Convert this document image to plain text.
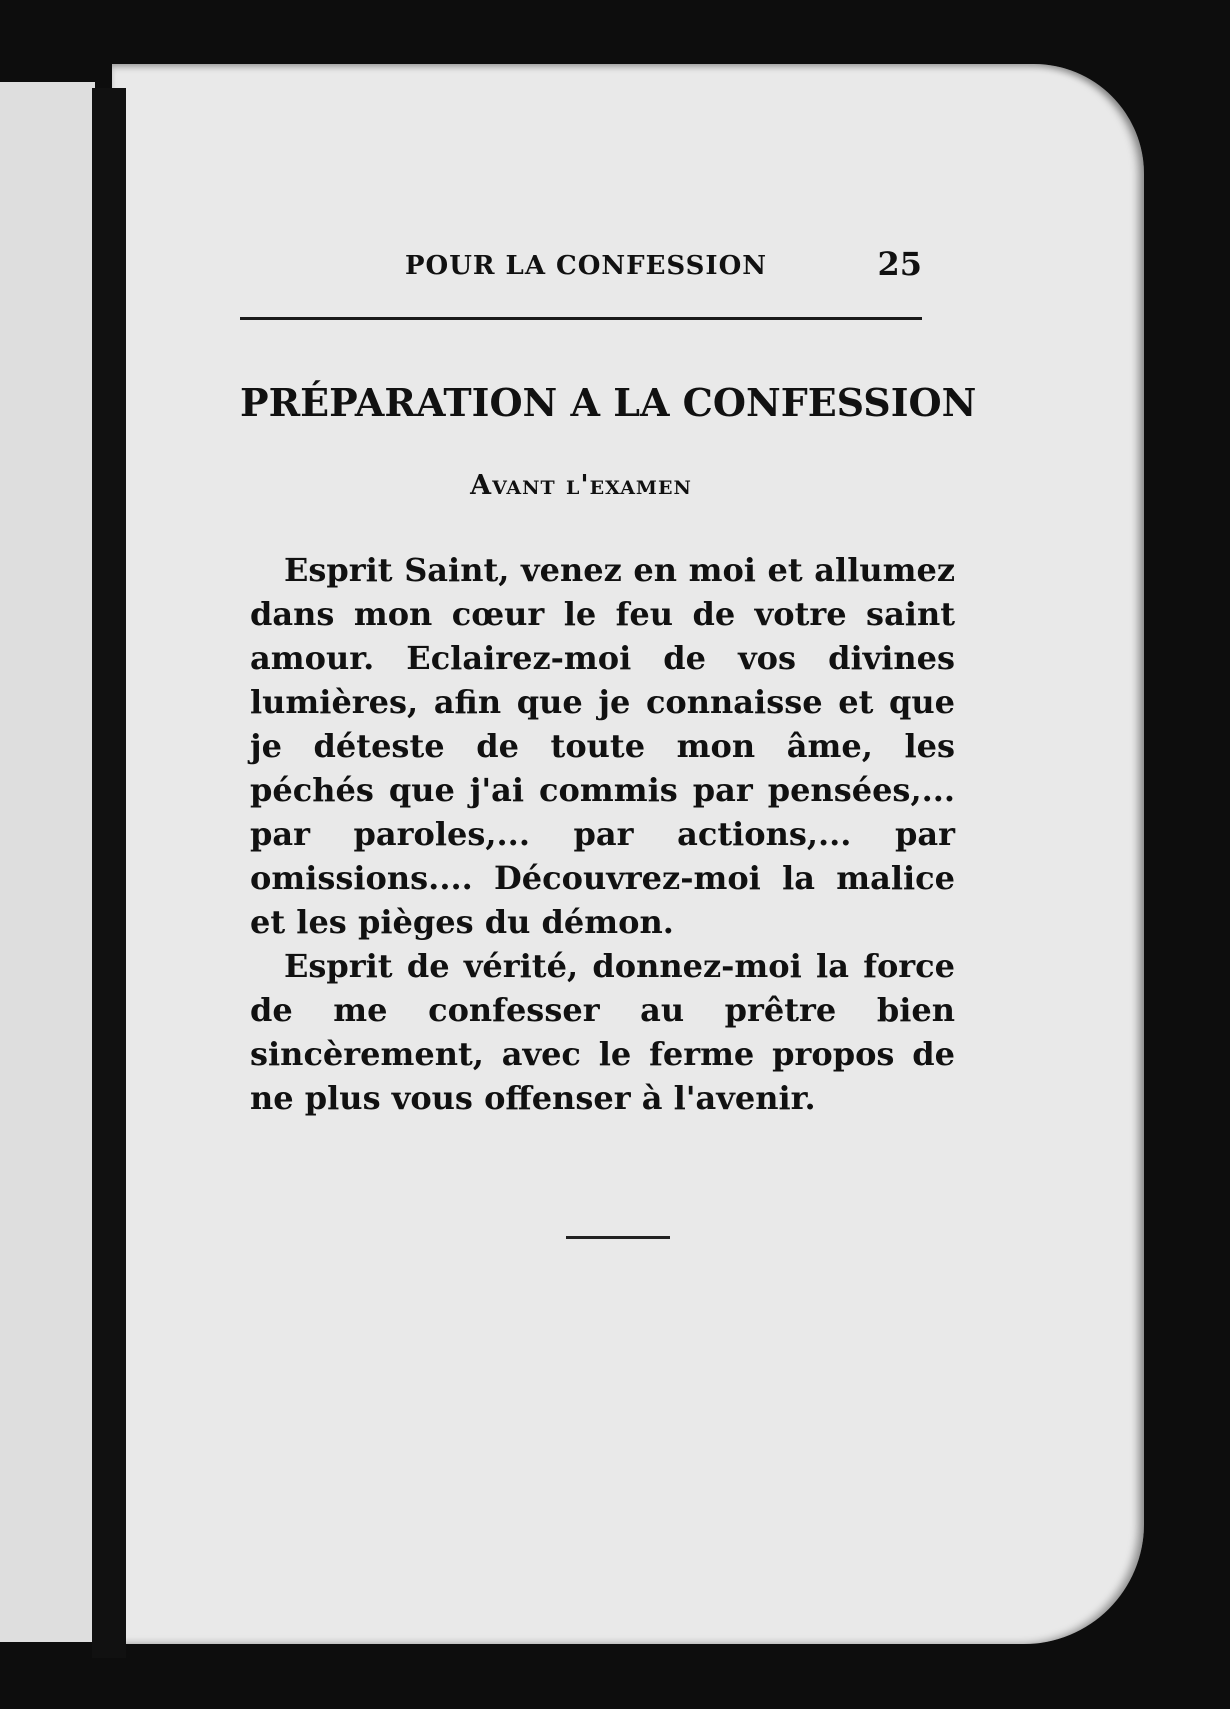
POUR LA CONFESSION	25
PRÉPARATION A LA CONFESSION
Avant l'examen

Esprit Saint, venez en moi et allumez dans mon cœur le feu de votre saint amour. Eclairez-moi de vos divines lumières, afin que je connaisse et que je déteste de toute mon âme, les péchés que j'ai commis par pensées,... par paroles,... par actions,... par omissions.... Découvrez-moi la malice et les pièges du démon.

Esprit de vérité, donnez-moi la force de me confesser au prêtre bien sincèrement, avec le ferme propos de ne plus vous offenser à l'avenir.
